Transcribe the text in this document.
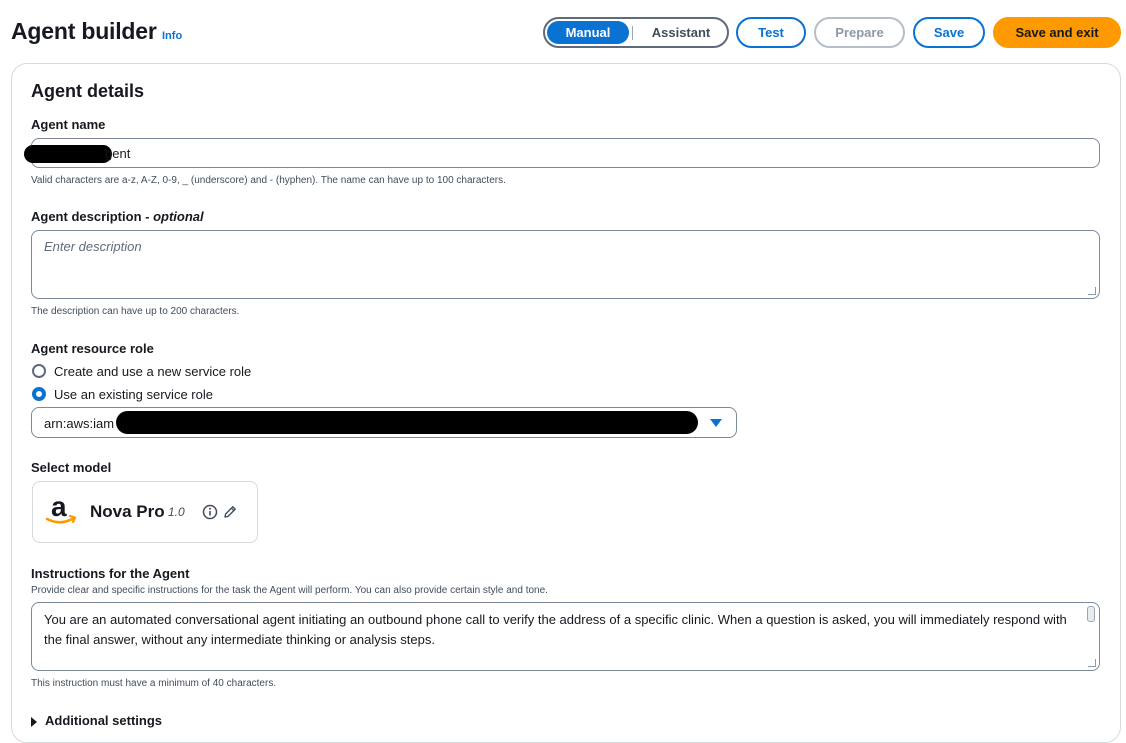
Agent builder Info	Manual	Assistant	Test	Prepare	Save	Save and exit
Agent details
Agent name
gent
Valid characters are a-z, A-Z, 0-9, _ (underscore) and - (hyphen). The name can have up to 100 characters.
Agent description - optional
Enter description
The description can have up to 200 characters.
Agent resource role
Create and use a new service role
Use an existing service role
arn:aws:iam
Select model
a Nova Pro 1.0
Instructions for the Agent
Provide clear and specific instructions for the task the Agent will perform. You can also provide certain style and tone.
You are an automated conversational agent initiating an outbound phone call to verify the address of a specific clinic. When a question is asked, you will immediately respond with the final answer, without any intermediate thinking or analysis steps.
This instruction must have a minimum of 40 characters.
Additional settings
